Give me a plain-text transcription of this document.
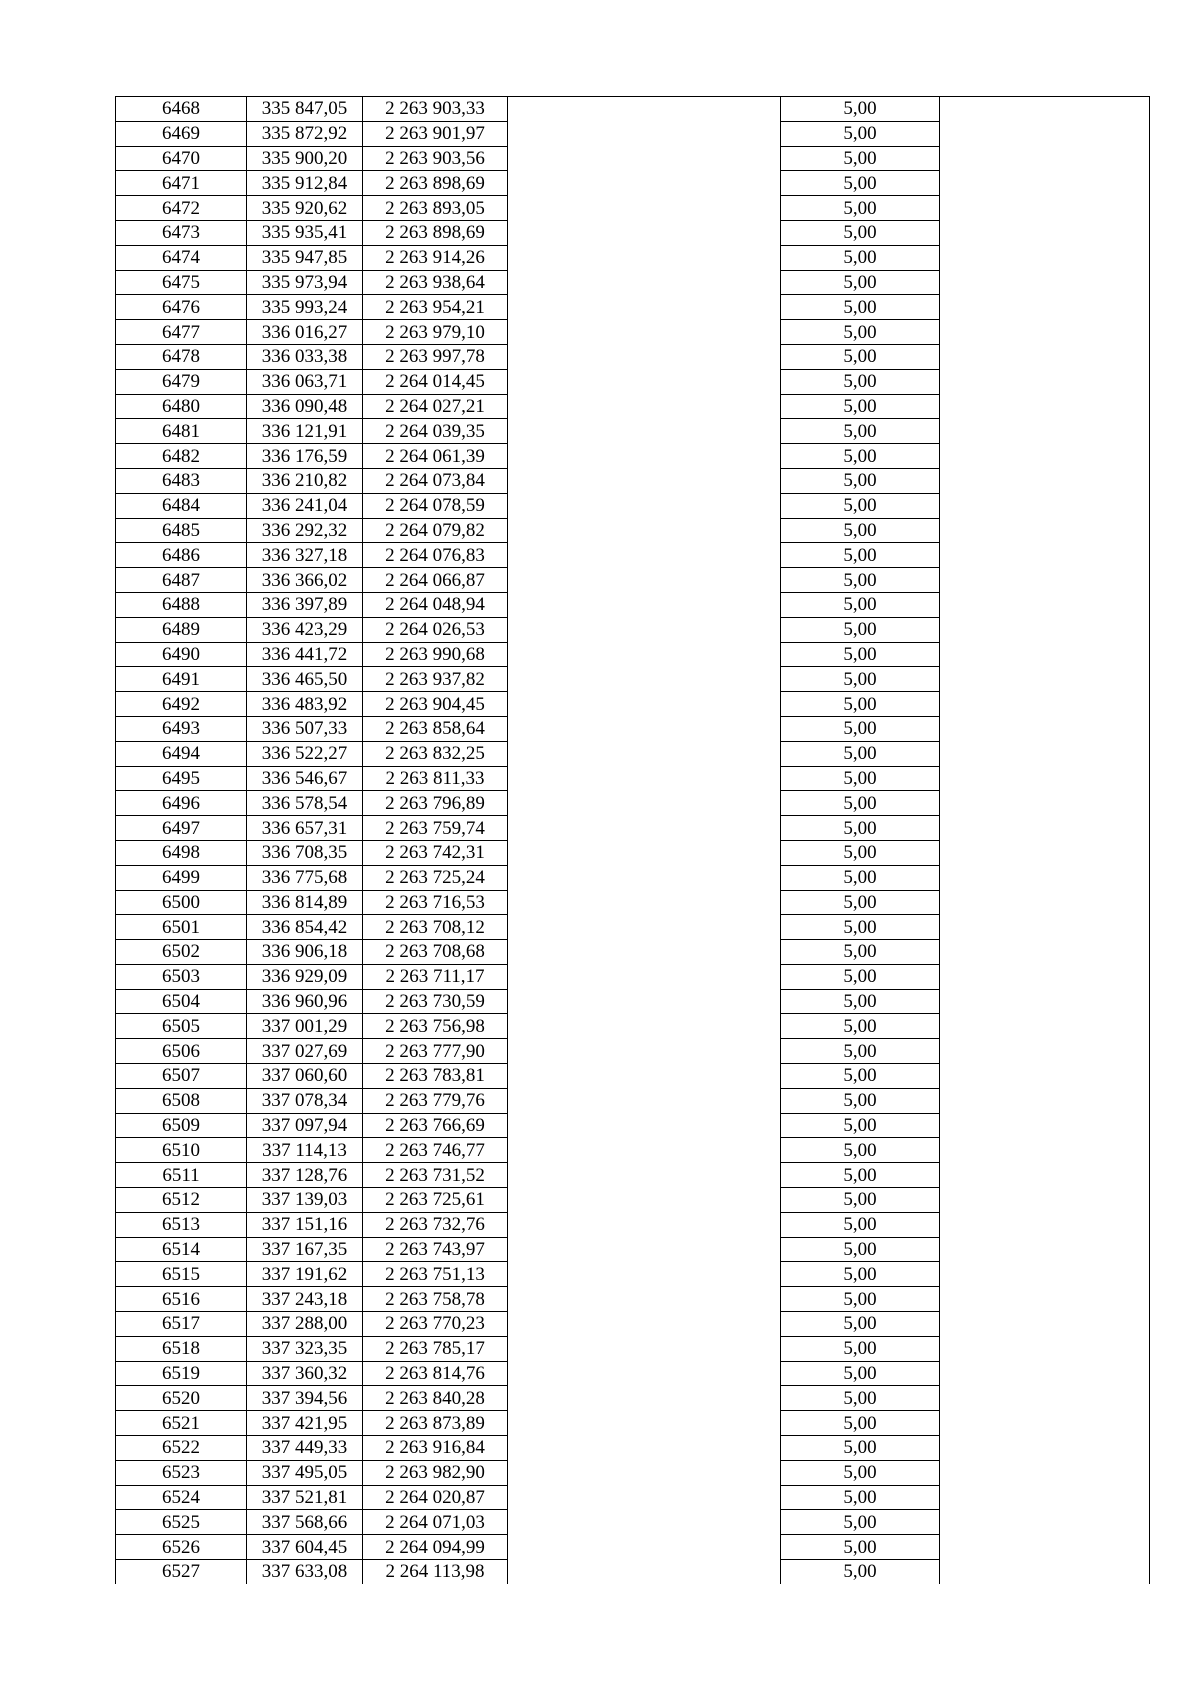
6468	335 847,05	2 263 903,33		5,00	
6469	335 872,92	2 263 901,97		5,00	
6470	335 900,20	2 263 903,56		5,00	
6471	335 912,84	2 263 898,69		5,00	
6472	335 920,62	2 263 893,05		5,00	
6473	335 935,41	2 263 898,69		5,00	
6474	335 947,85	2 263 914,26		5,00	
6475	335 973,94	2 263 938,64		5,00	
6476	335 993,24	2 263 954,21		5,00	
6477	336 016,27	2 263 979,10		5,00	
6478	336 033,38	2 263 997,78		5,00	
6479	336 063,71	2 264 014,45		5,00	
6480	336 090,48	2 264 027,21		5,00	
6481	336 121,91	2 264 039,35		5,00	
6482	336 176,59	2 264 061,39		5,00	
6483	336 210,82	2 264 073,84		5,00	
6484	336 241,04	2 264 078,59		5,00	
6485	336 292,32	2 264 079,82		5,00	
6486	336 327,18	2 264 076,83		5,00	
6487	336 366,02	2 264 066,87		5,00	
6488	336 397,89	2 264 048,94		5,00	
6489	336 423,29	2 264 026,53		5,00	
6490	336 441,72	2 263 990,68		5,00	
6491	336 465,50	2 263 937,82		5,00	
6492	336 483,92	2 263 904,45		5,00	
6493	336 507,33	2 263 858,64		5,00	
6494	336 522,27	2 263 832,25		5,00	
6495	336 546,67	2 263 811,33		5,00	
6496	336 578,54	2 263 796,89		5,00	
6497	336 657,31	2 263 759,74		5,00	
6498	336 708,35	2 263 742,31		5,00	
6499	336 775,68	2 263 725,24		5,00	
6500	336 814,89	2 263 716,53		5,00	
6501	336 854,42	2 263 708,12		5,00	
6502	336 906,18	2 263 708,68		5,00	
6503	336 929,09	2 263 711,17		5,00	
6504	336 960,96	2 263 730,59		5,00	
6505	337 001,29	2 263 756,98		5,00	
6506	337 027,69	2 263 777,90		5,00	
6507	337 060,60	2 263 783,81		5,00	
6508	337 078,34	2 263 779,76		5,00	
6509	337 097,94	2 263 766,69		5,00	
6510	337 114,13	2 263 746,77		5,00	
6511	337 128,76	2 263 731,52		5,00	
6512	337 139,03	2 263 725,61		5,00	
6513	337 151,16	2 263 732,76		5,00	
6514	337 167,35	2 263 743,97		5,00	
6515	337 191,62	2 263 751,13		5,00	
6516	337 243,18	2 263 758,78		5,00	
6517	337 288,00	2 263 770,23		5,00	
6518	337 323,35	2 263 785,17		5,00	
6519	337 360,32	2 263 814,76		5,00	
6520	337 394,56	2 263 840,28		5,00	
6521	337 421,95	2 263 873,89		5,00	
6522	337 449,33	2 263 916,84		5,00	
6523	337 495,05	2 263 982,90		5,00	
6524	337 521,81	2 264 020,87		5,00	
6525	337 568,66	2 264 071,03		5,00	
6526	337 604,45	2 264 094,99		5,00	
6527	337 633,08	2 264 113,98		5,00	
